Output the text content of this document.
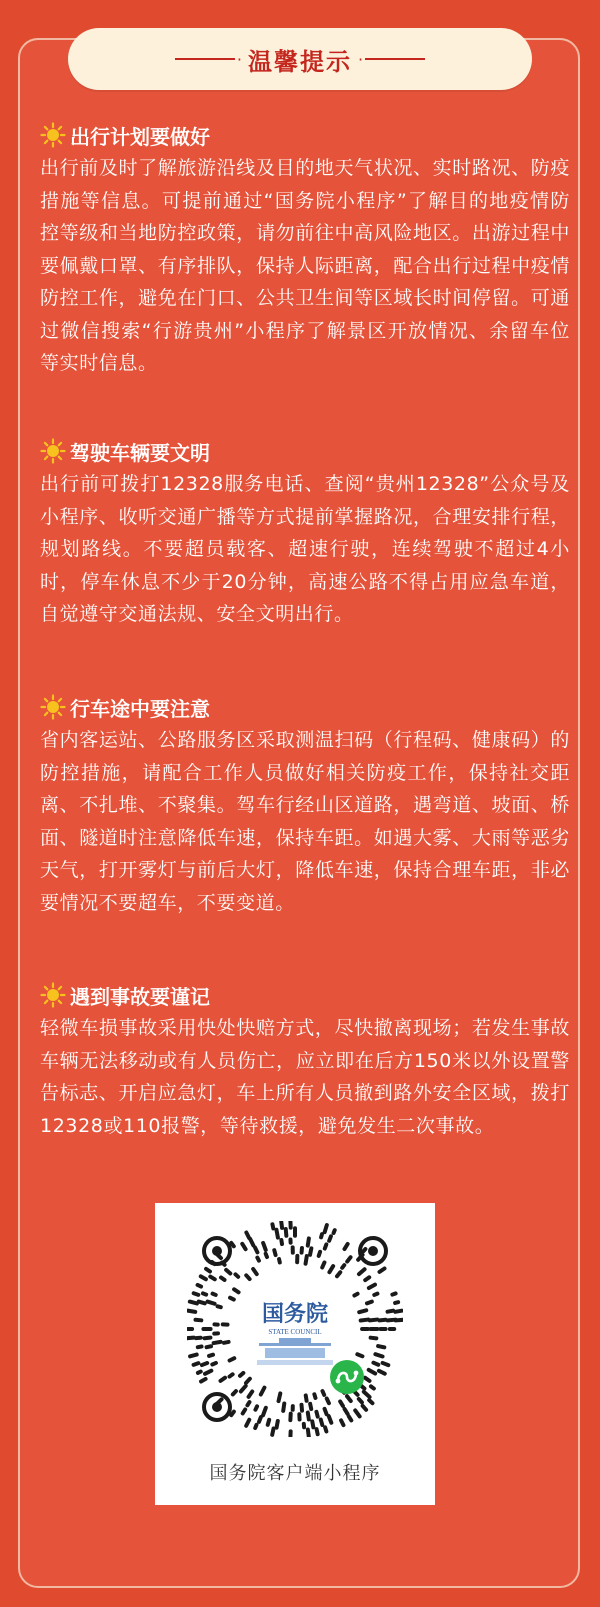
· 温馨提示 ·
出行计划要做好
出行前及时了解旅游沿线及目的地天气状况、实时路况、防疫措施等信息。可提前通过“国务院小程序”了解目的地疫情防控等级和当地防控政策，请勿前往中高风险地区。出游过程中要佩戴口罩、有序排队，保持人际距离，配合出行过程中疫情防控工作，避免在门口、公共卫生间等区域长时间停留。可通过微信搜索“行游贵州”小程序了解景区开放情况、余留车位等实时信息。
驾驶车辆要文明
出行前可拨打12328服务电话、查阅“贵州12328”公众号及小程序、收听交通广播等方式提前掌握路况，合理安排行程，规划路线。不要超员载客、超速行驶，连续驾驶不超过4小时，停车休息不少于20分钟，高速公路不得占用应急车道，自觉遵守交通法规、安全文明出行。
行车途中要注意
省内客运站、公路服务区采取测温扫码（行程码、健康码）的防控措施，请配合工作人员做好相关防疫工作，保持社交距离、不扎堆、不聚集。驾车行经山区道路，遇弯道、坡面、桥面、隧道时注意降低车速，保持车距。如遇大雾、大雨等恶劣天气，打开雾灯与前后大灯，降低车速，保持合理车距，非必要情况不要超车，不要变道。
遇到事故要谨记
轻微车损事故采用快处快赔方式，尽快撤离现场；若发生事故车辆无法移动或有人员伤亡，应立即在后方150米以外设置警告标志、开启应急灯，车上所有人员撤到路外安全区域，拨打12328或110报警，等待救援，避免发生二次事故。
国务院
STATE COUNCIL
国务院客户端小程序
